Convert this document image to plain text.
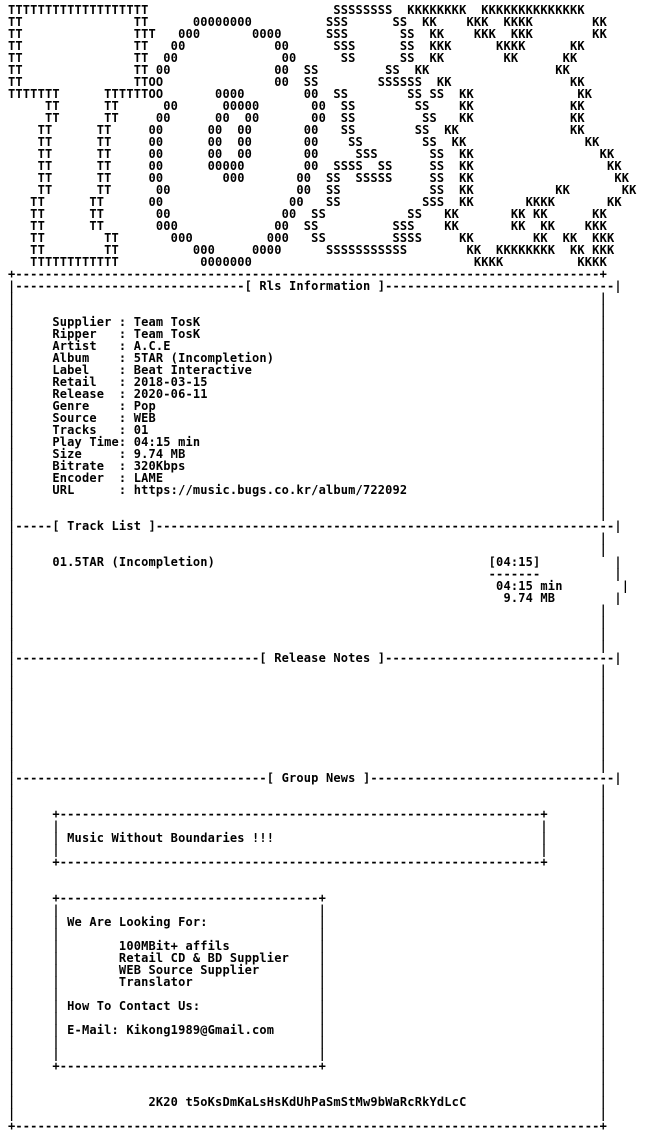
TTTTTTTTTTTTTTTTTTT                         SSSSSSSS  KKKKKKKK  KKKKKKKKKKKKKK
TT               TT      00000000          SSS      SS  KK    KKK  KKKK        KK
TT               TTT   000       0000      SSS       SS  KK    KKK  KKK        KK
TT               TT   00            00      SSS      SS  KKK      KKKK      KK
TT               TT  00              00      SS      SS  KK        KK      KK
TT               TT 00              00  SS         SS  KK                 KK
TT               TTOO               00  SS        SSSSSS  KK                KK
TTTTTTT      TTTTTTOO       0000        00  SS        SS SS  KK              KK
TT      TT      00      00000       00  SS        SS    KK             KK
TT      TT     00      00  00       00  SS         SS   KK             KK
TT      TT     00      00  00       00   SS        SS  KK               KK
TT      TT     00      00  00       00    SS        SS  KK                KK
TT      TT     00      00  00       00     SSS       SS  KK                 KK
TT      TT     00      00000        00  SSSS  SS     SS  KK                  KK
TT      TT     00        000       00  SS  SSSSS     SS  KK                   KK
TT      TT      00                 00  SS            SS  KK           KK       KK
TT      TT      00                 00   SS           SSS  KK       KKKK       KK
TT      TT       00               00  SS           SS   KK       KK KK      KK
TT      TT       000             00  SS          SSS    KK       KK  KK    KKK
TT        TT       000          000   SS         SSSS     KK        KK  KK  KKK
TT        TT          000     0000      SSSSSSSSSSS        KK  KKKKKKKK  KK KKK
TTTTTTTTTTTT           0000000                              KKKK          KKKK
+-------------------------------------------------------------------------------+
|-------------------------------[ Rls Information ]-------------------------------|
|                                                                               |
|                                                                               |
|     Supplier : Team TosK                                                      |
|     Ripper   : Team TosK                                                      |
|     Artist   : A.C.E                                                          |
|     Album    : 5TAR (Incompletion)                                            |
|     Label    : Beat Interactive                                               |
|     Retail   : 2018-03-15                                                     |
|     Release  : 2020-06-11                                                     |
|     Genre    : Pop                                                            |
|     Source   : WEB                                                            |
|     Tracks   : 01                                                             |
|     Play Time: 04:15 min                                                      |
|     Size     : 9.74 MB                                                        |
|     Bitrate  : 320Kbps                                                        |
|     Encoder  : LAME                                                           |
|     URL      : https://music.bugs.co.kr/album/722092                          |
|                                                                               |
|                                                                               |
|-----[ Track List ]--------------------------------------------------------------|
|                                                                               |
|                                                                               |
|     01.5TAR (Incompletion)                                     [04:15]          |
|                                                                -------          |
|                                                                 04:15 min        |
|                                                                  9.74 MB        |
|                                                                               |
|                                                                               |
|                                                                               |
|                                                                               |
|---------------------------------[ Release Notes ]-------------------------------|
|                                                                               |
|                                                                               |
|                                                                               |
|                                                                               |
|                                                                               |
|                                                                               |
|                                                                               |
|                                                                               |
|                                                                               |
|----------------------------------[ Group News ]---------------------------------|
|                                                                               |
|                                                                               |
|     +-----------------------------------------------------------------+       |
|     |                                                                 |       |
|     | Music Without Boundaries !!!                                    |       |
|     |                                                                 |       |
|     +-----------------------------------------------------------------+       |
|                                                                               |
|                                                                               |
|     +-----------------------------------+                                     |
|     |                                   |                                     |
|     | We Are Looking For:               |                                     |
|     |                                   |                                     |
|     |        100MBit+ affils            |                                     |
|     |        Retail CD & BD Supplier    |                                     |
|     |        WEB Source Supplier        |                                     |
|     |        Translator                 |                                     |
|     |                                   |                                     |
|     | How To Contact Us:                |                                     |
|     |                                   |                                     |
|     | E-Mail: Kikong1989@Gmail.com      |                                     |
|     |                                   |                                     |
|     |                                   |                                     |
|     +-----------------------------------+                                     |
|                                                                               |
|                                                                               |
|                  2K20 t5oKsDmKaLsHsKdUhPaSmStMw9bWaRcRkYdLcC                  |
|                                                                               |
+-------------------------------------------------------------------------------+
